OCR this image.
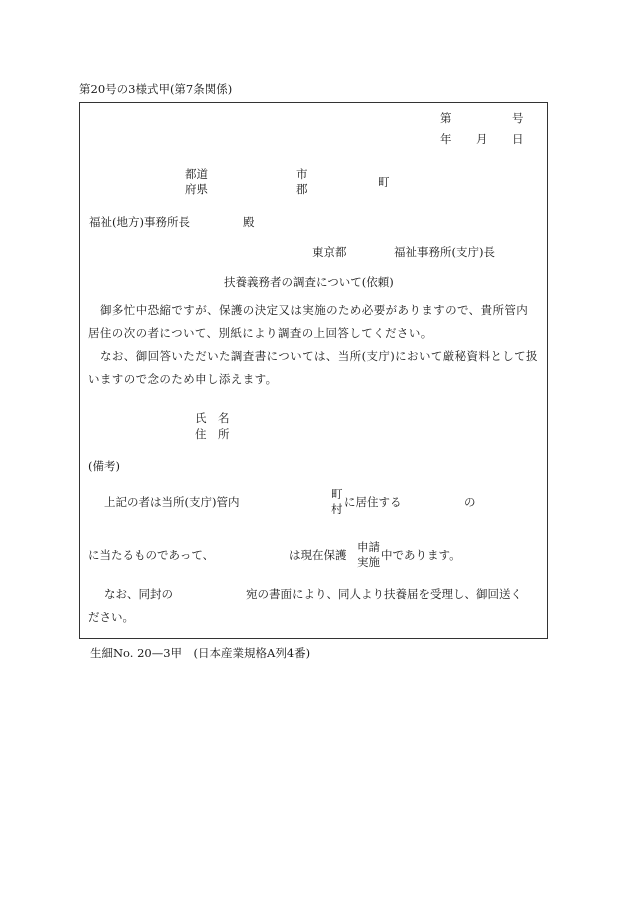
第20号の3様式甲(第7条関係)
第	号
年 月 日
都道
府県
市
郡	町
福祉(地方)事務所長	殿
東京都	福祉事務所(支庁)長
扶養義務者の調査について(依頼)
御多忙中恐縮ですが、保護の決定又は実施のため必要がありますので、貴所管内居住の次の者について、別紙により調査の上回答してください。
なお、御回答いただいた調査書については、当所(支庁)において厳秘資料として扱いますので念のため申し添えます。
氏　名
住　所
(備考)
上記の者は当所(支庁)管内
町
村 に居住する	の
に当たるものであって、	は現在保護
申請
実施 中であります。
なお、同封の	宛の書面により、同人より扶養届を受理し、御回送く
ださい。
生細No. 20—3甲　(日本産業規格A列4番)
